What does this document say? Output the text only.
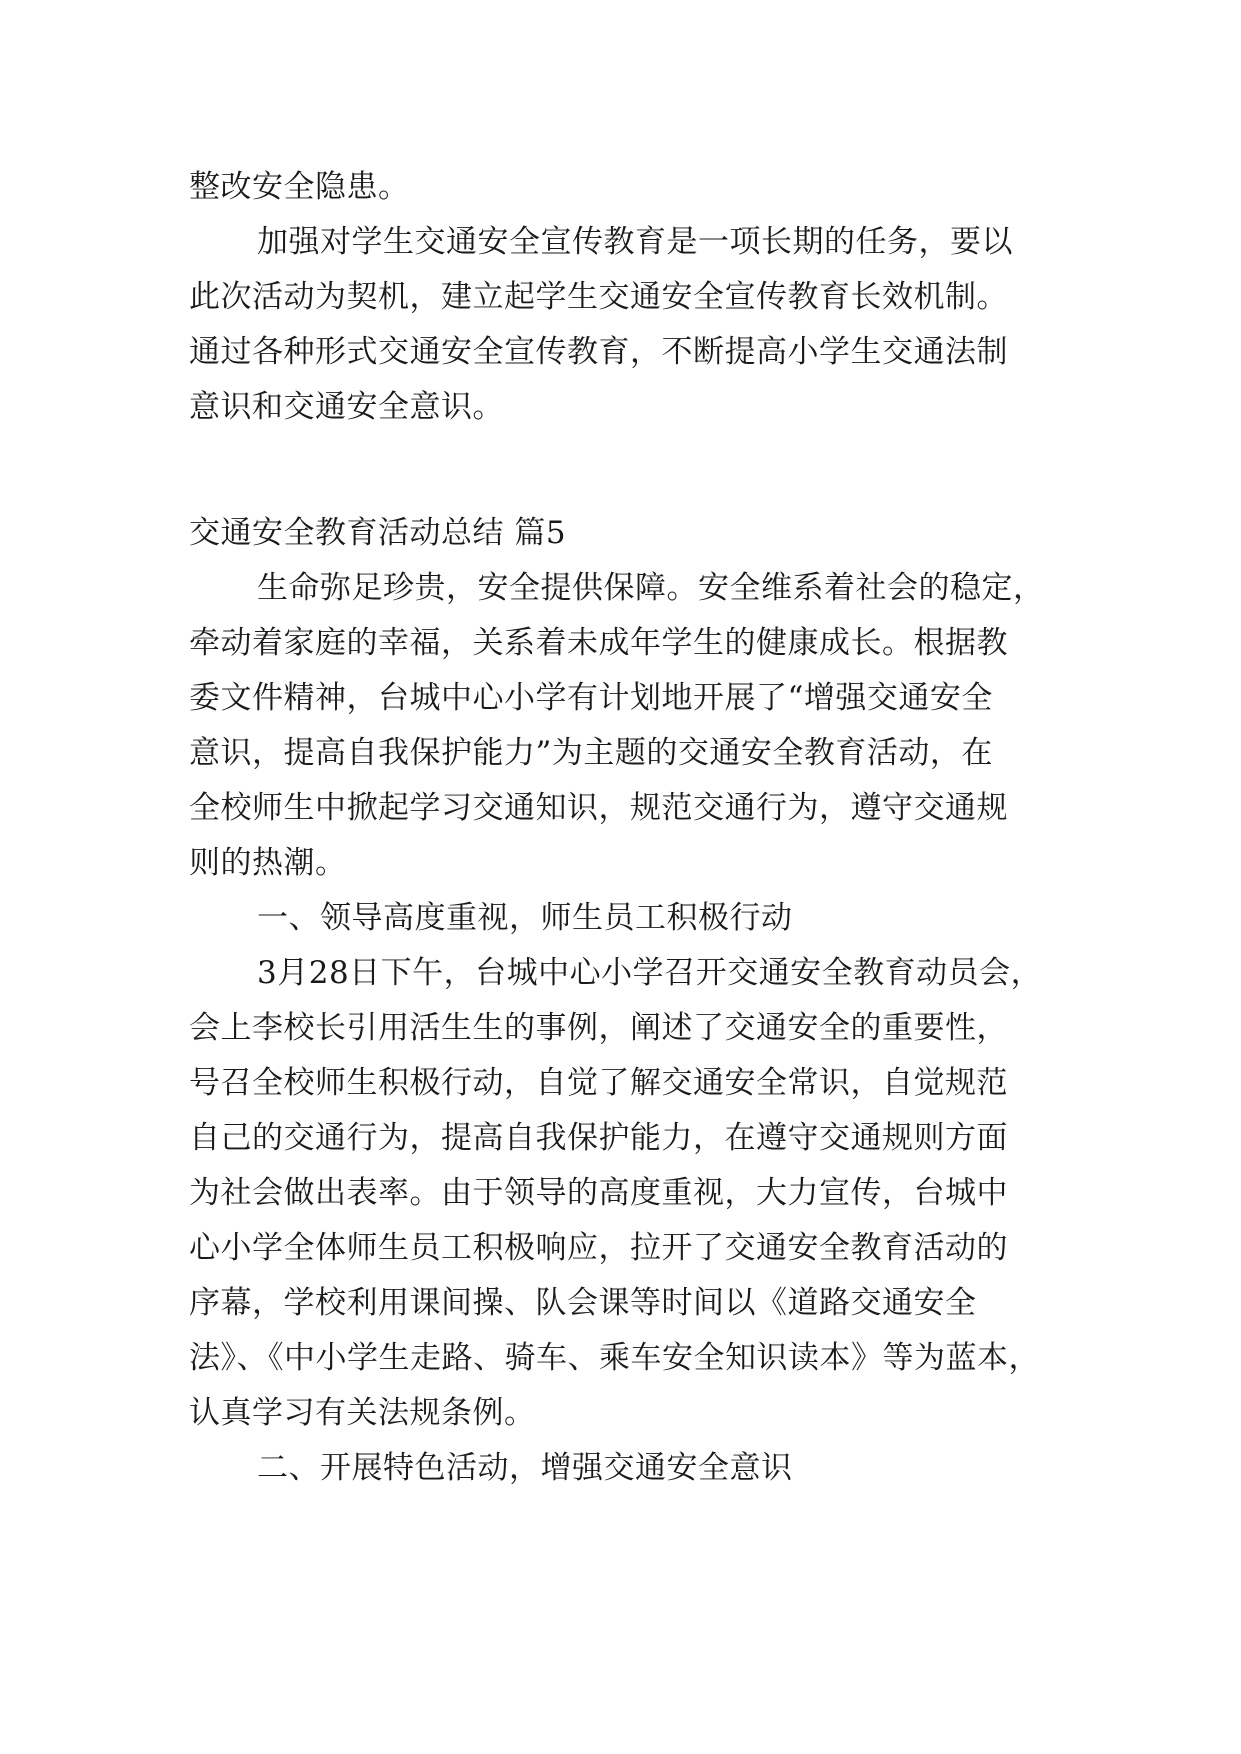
整改安全隐患。
加强对学生交通安全宣传教育是一项长期的任务，要以
此次活动为契机，建立起学生交通安全宣传教育长效机制。
通过各种形式交通安全宣传教育，不断提高小学生交通法制
意识和交通安全意识。
交通安全教育活动总结 篇5
生命弥足珍贵，安全提供保障。安全维系着社会的稳定，
牵动着家庭的幸福，关系着未成年学生的健康成长。根据教
委文件精神，台城中心小学有计划地开展了“增强交通安全
意识，提高自我保护能力”为主题的交通安全教育活动，在
全校师生中掀起学习交通知识，规范交通行为，遵守交通规
则的热潮。
一、领导高度重视，师生员工积极行动
3月28日下午，台城中心小学召开交通安全教育动员会，
会上李校长引用活生生的事例，阐述了交通安全的重要性，
号召全校师生积极行动，自觉了解交通安全常识，自觉规范
自己的交通行为，提高自我保护能力，在遵守交通规则方面
为社会做出表率。由于领导的高度重视，大力宣传，台城中
心小学全体师生员工积极响应，拉开了交通安全教育活动的
序幕，学校利用课间操、队会课等时间以《道路交通安全
法》、《中小学生走路、骑车、乘车安全知识读本》等为蓝本，
认真学习有关法规条例。
二、开展特色活动，增强交通安全意识
